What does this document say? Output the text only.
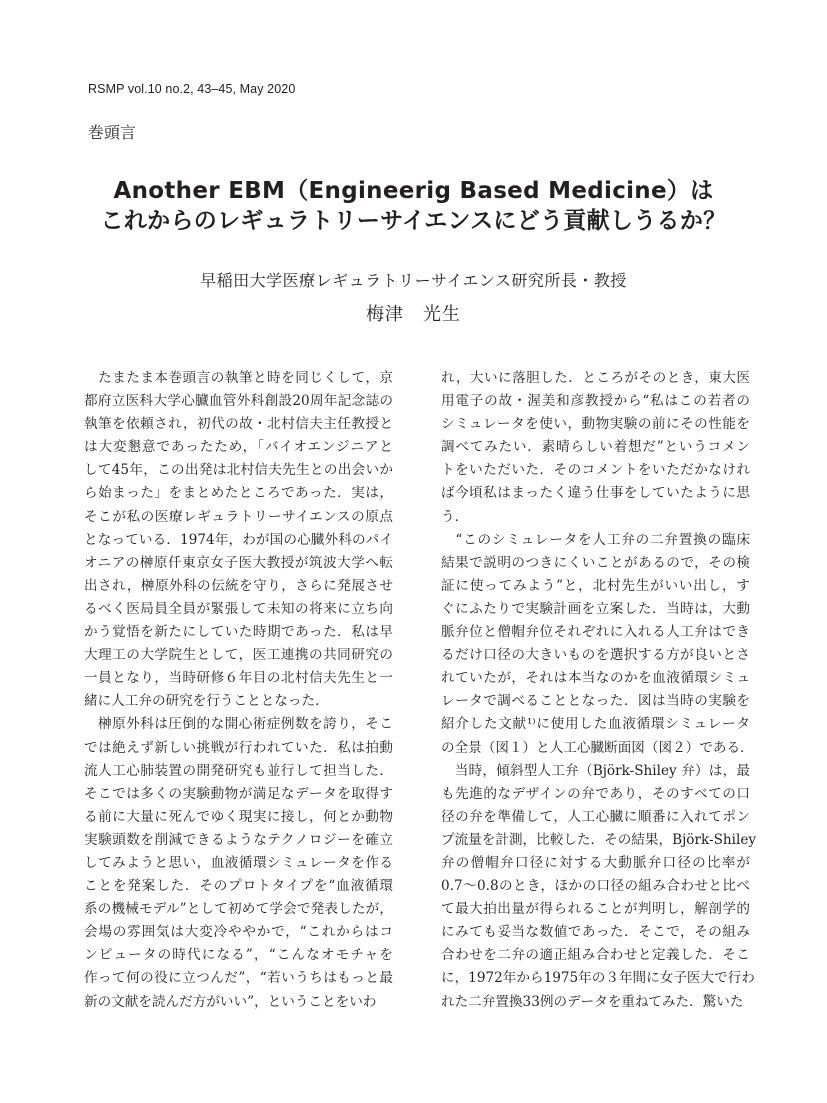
RSMP vol.10 no.2, 43–45, May 2020
巻頭言
Another EBM（Engineerig Based Medicine）は
これからのレギュラトリーサイエンスにどう貢献しうるか？
早稲田大学医療レギュラトリーサイエンス研究所長・教授
梅津　光生
　たまたま本巻頭言の執筆と時を同じくして，京
都府立医科大学心臓血管外科創設20周年記念誌の
執筆を依頼され，初代の故・北村信夫主任教授と
は大変懇意であったため，「バイオエンジニアと
して45年，この出発は北村信夫先生との出会いか
ら始まった」をまとめたところであった．実は，
そこが私の医療レギュラトリーサイエンスの原点
となっている．1974年，わが国の心臓外科のパイ
オニアの榊原仟東京女子医大教授が筑波大学へ転
出され，榊原外科の伝統を守り，さらに発展させ
るべく医局員全員が緊張して未知の将来に立ち向
かう覚悟を新たにしていた時期であった．私は早
大理工の大学院生として，医工連携の共同研究の
一員となり，当時研修６年目の北村信夫先生と一
緒に人工弁の研究を行うこととなった．
　榊原外科は圧倒的な開心術症例数を誇り，そこ
では絶えず新しい挑戦が行われていた．私は拍動
流人工心肺装置の開発研究も並行して担当した．
そこでは多くの実験動物が満足なデータを取得す
る前に大量に死んでゆく現実に接し，何とか動物
実験頭数を削減できるようなテクノロジーを確立
してみようと思い，血液循環シミュレータを作る
ことを発案した．そのプロトタイプを“血液循環
系の機械モデル”として初めて学会で発表したが，
会場の雰囲気は大変冷ややかで，“これからはコ
ンピュータの時代になる”，“こんなオモチャを
作って何の役に立つんだ”，“若いうちはもっと最
新の文献を読んだ方がいい”，ということをいわ
れ，大いに落胆した．ところがそのとき，東大医
用電子の故・渥美和彦教授から“私はこの若者の
シミュレータを使い，動物実験の前にその性能を
調べてみたい．素晴らしい着想だ”というコメン
トをいただいた．そのコメントをいただかなけれ
ば今頃私はまったく違う仕事をしていたように思
う．
　“このシミュレータを人工弁の二弁置換の臨床
結果で説明のつきにくいことがあるので，その検
証に使ってみよう”と，北村先生がいい出し，す
ぐにふたりで実験計画を立案した．当時は，大動
脈弁位と僧帽弁位それぞれに入れる人工弁はでき
るだけ口径の大きいものを選択する方が良いとさ
れていたが，それは本当なのかを血液循環シミュ
レータで調べることとなった．図は当時の実験を
紹介した文献¹⁾に使用した血液循環シミュレータ
の全景（図１）と人工心臓断面図（図２）である．
　当時，傾斜型人工弁（Björk-Shiley 弁）は，最
も先進的なデザインの弁であり，そのすべての口
径の弁を準備して，人工心臓に順番に入れてポン
プ流量を計測，比較した．その結果，Björk-Shiley
弁の僧帽弁口径に対する大動脈弁口径の比率が
0.7～0.8のとき，ほかの口径の組み合わせと比べ
て最大拍出量が得られることが判明し，解剖学的
にみても妥当な数値であった．そこで，その組み
合わせを二弁の適正組み合わせと定義した．そこ
に，1972年から1975年の３年間に女子医大で行わ
れた二弁置換33例のデータを重ねてみた．驚いた
